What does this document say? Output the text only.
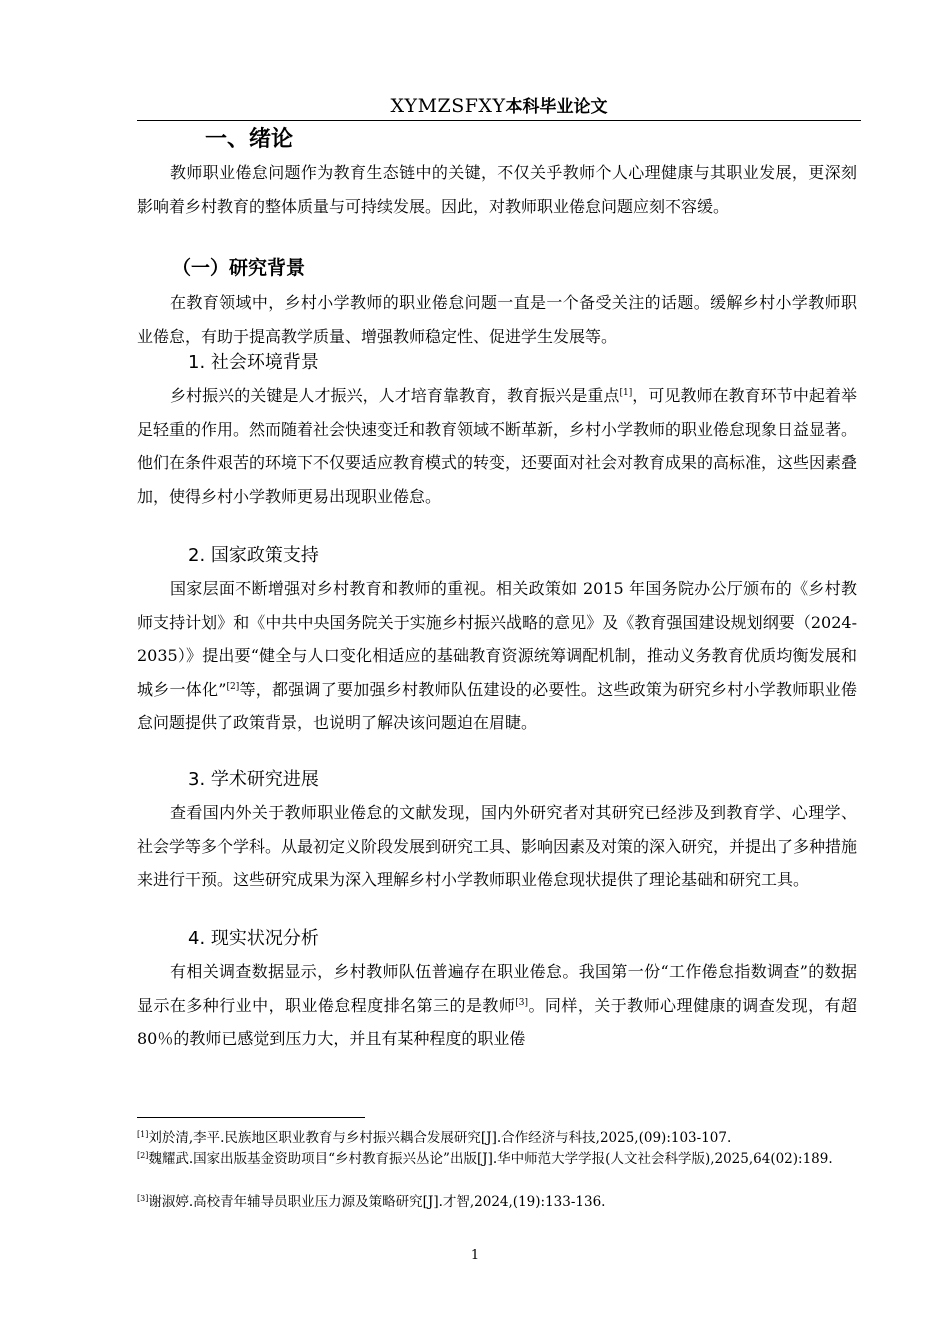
XYMZSFXY本科毕业论文
一、绪论
教师职业倦怠问题作为教育生态链中的关键，不仅关乎教师个人心理健康与其职业发展，更深刻影响着乡村教育的整体质量与可持续发展。因此，对教师职业倦怠问题应刻不容缓。
（一）研究背景
在教育领域中，乡村小学教师的职业倦怠问题一直是一个备受关注的话题。缓解乡村小学教师职业倦怠，有助于提高教学质量、增强教师稳定性、促进学生发展等。
1. 社会环境背景
乡村振兴的关键是人才振兴，人才培育靠教育，教育振兴是重点[1]，可见教师在教育环节中起着举足轻重的作用。然而随着社会快速变迁和教育领域不断革新，乡村小学教师的职业倦怠现象日益显著。他们在条件艰苦的环境下不仅要适应教育模式的转变，还要面对社会对教育成果的高标准，这些因素叠加，使得乡村小学教师更易出现职业倦怠。
2. 国家政策支持
国家层面不断增强对乡村教育和教师的重视。相关政策如 2015 年国务院办公厅颁布的《乡村教师支持计划》和《中共中央国务院关于实施乡村振兴战略的意见》及《教育强国建设规划纲要（2024-2035）》提出要“健全与人口变化相适应的基础教育资源统筹调配机制，推动义务教育优质均衡发展和城乡一体化”[2]等，都强调了要加强乡村教师队伍建设的必要性。这些政策为研究乡村小学教师职业倦怠问题提供了政策背景，也说明了解决该问题迫在眉睫。
3. 学术研究进展
查看国内外关于教师职业倦怠的文献发现，国内外研究者对其研究已经涉及到教育学、心理学、社会学等多个学科。从最初定义阶段发展到研究工具、影响因素及对策的深入研究，并提出了多种措施来进行干预。这些研究成果为深入理解乡村小学教师职业倦怠现状提供了理论基础和研究工具。
4. 现实状况分析
有相关调查数据显示，乡村教师队伍普遍存在职业倦怠。我国第一份“工作倦怠指数调查”的数据显示在多种行业中，职业倦怠程度排名第三的是教师[3]。同样，关于教师心理健康的调查发现，有超 80％的教师已感觉到压力大，并且有某种程度的职业倦
[1]刘於清,李平.民族地区职业教育与乡村振兴耦合发展研究[J].合作经济与科技,2025,(09):103-107.
[2]魏耀武.国家出版基金资助项目“乡村教育振兴丛论”出版[J].华中师范大学学报(人文社会科学版),2025,64(02):189.
[3]谢淑婷.高校青年辅导员职业压力源及策略研究[J].才智,2024,(19):133-136.
1
